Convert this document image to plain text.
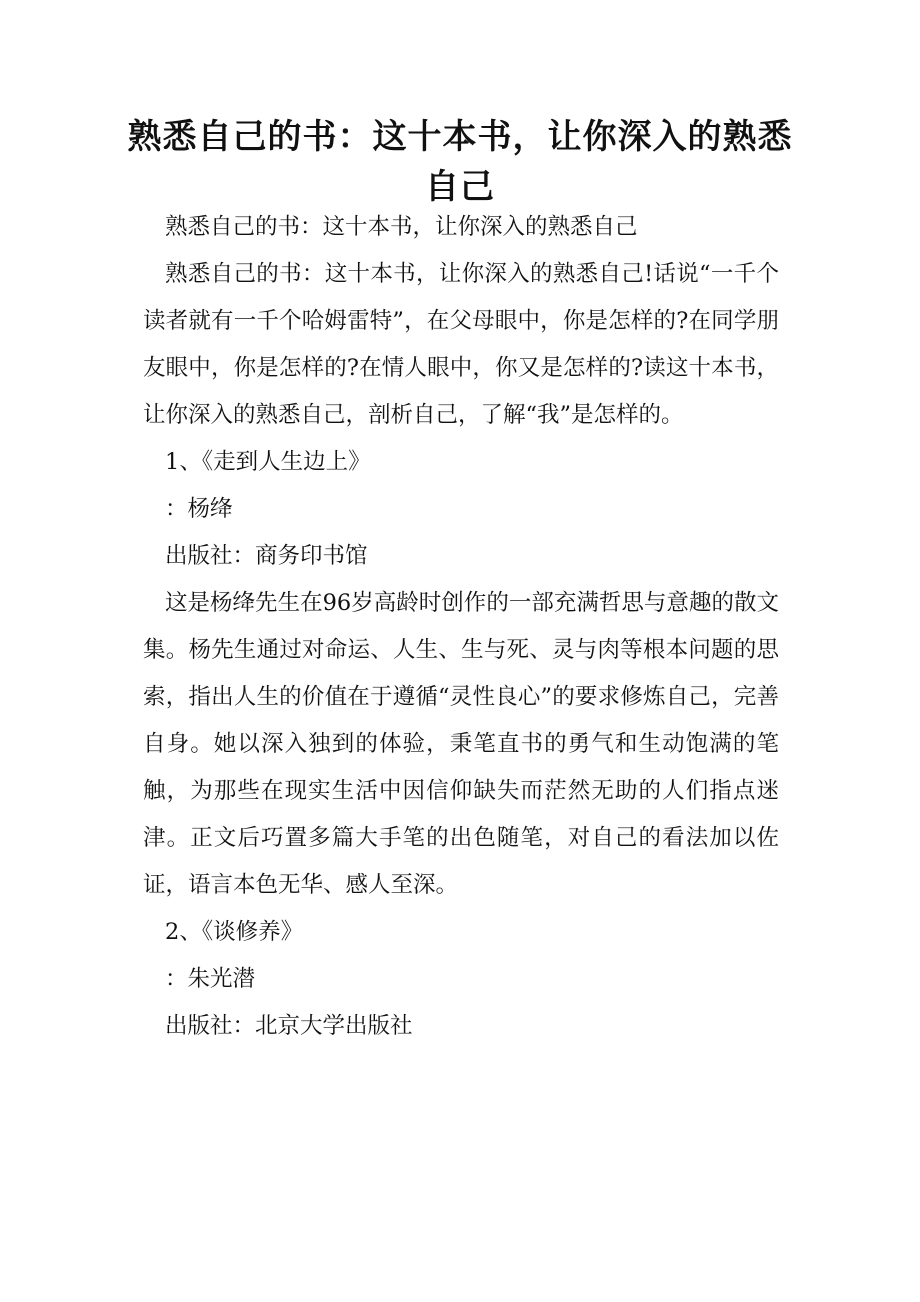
熟悉自己的书：这十本书，让你深入的熟悉自己

熟悉自己的书：这十本书，让你深入的熟悉自己

熟悉自己的书：这十本书，让你深入的熟悉自己!话说“一千个读者就有一千个哈姆雷特”，在父母眼中，你是怎样的?在同学朋友眼中，你是怎样的?在情人眼中，你又是怎样的?读这十本书，让你深入的熟悉自己，剖析自己，了解“我”是怎样的。

1、《走到人生边上》

：杨绛

出版社：商务印书馆

这是杨绛先生在96岁高龄时创作的一部充满哲思与意趣的散文集。杨先生通过对命运、人生、生与死、灵与肉等根本问题的思索，指出人生的价值在于遵循“灵性良心”的要求修炼自己，完善自身。她以深入独到的体验，秉笔直书的勇气和生动饱满的笔触，为那些在现实生活中因信仰缺失而茫然无助的人们指点迷津。正文后巧置多篇大手笔的出色随笔，对自己的看法加以佐证，语言本色无华、感人至深。

2、《谈修养》

：朱光潜

出版社：北京大学出版社
